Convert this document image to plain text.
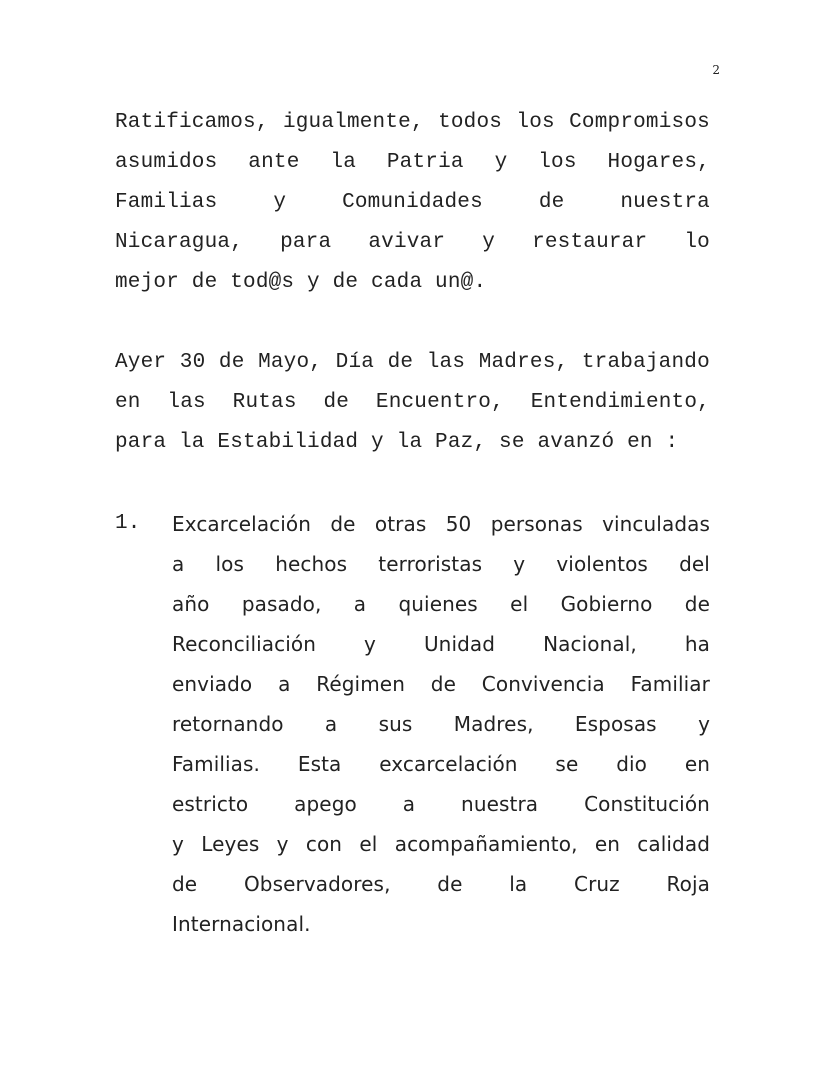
2
Ratificamos, igualmente, todos los Compromisos
asumidos ante la Patria y los Hogares,
Familias	y	Comunidades	de	nuestra
Nicaragua, para avivar y restaurar lo
mejor de tod@s y de cada un@.
Ayer 30 de Mayo, Día de las Madres, trabajando
en las Rutas de Encuentro, Entendimiento,
para la Estabilidad y la Paz, se avanzó en :
1. Excarcelación de otras 50 personas vinculadas
a los hechos terroristas y violentos del
año pasado, a quienes el Gobierno de
Reconciliación y Unidad Nacional, ha
enviado a Régimen de Convivencia Familiar
retornando a sus Madres, Esposas y
Familias. Esta excarcelación se dio en
estricto apego a nuestra Constitución
y Leyes y con el acompañamiento, en calidad
de Observadores, de la Cruz Roja
Internacional.
